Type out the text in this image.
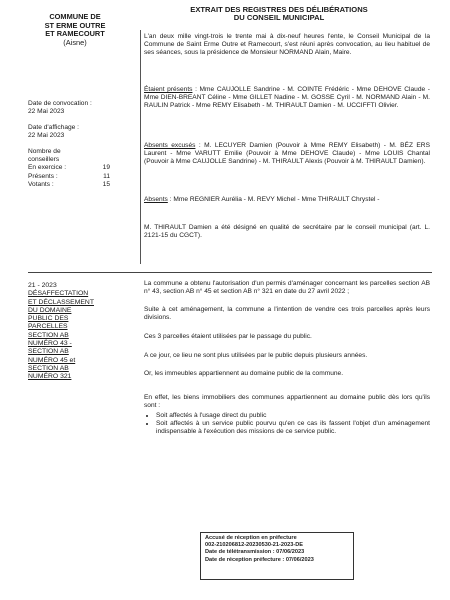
COMMUNE DE
ST ERME OUTRE
ET RAMECOURT
(Aisne)
EXTRAIT DES REGISTRES DES DÉLIBÉRATIONS
DU CONSEIL MUNICIPAL

Date de convocation :

22 Mai 2023

Date d'affichage :

22 Mai 2023

Nombre de conseillers

En exercice :	19
Présents :	11
Votants :	15
L'an deux mille vingt-trois le trente mai à dix-neuf heures l'ente, le Conseil Municipal de la Commune de Saint Erme Outre et Ramecourt, s'est réuni après convocation, au lieu habituel de ses séances, sous la présidence de Monsieur NORMAND Alain, Maire.
Étaient présents : Mme CAUJOLLE Sandrine - M. COINTE Frédéric - Mme DEHOVE Claude - Mme DIEN-BREANT Céline - Mme GILLET Nadine - M. GOSSE Cyril - M. NORMAND Alain - M. RAULIN Patrick - Mme REMY Elisabeth - M. THIRAULT Damien - M. UCCIFFTI Olivier.
Absents excusés : M. LECUYER Damien (Pouvoir à Mme REMY Elisabeth) - M. BÉZ ERS Laurent - Mme VARUTT Emilie (Pouvoir à Mme DEHOVE Claude) - Mme LOUIS Chantal (Pouvoir à Mme CAUJOLLE Sandrine) - M. THIRAULT Alexis (Pouvoir à M. THIRAULT Damien).
Absents : Mme REGNIER Aurélia - M. REVY Michel - Mme THIRAULT Chrystel -
M. THIRAULT Damien a été désigné en qualité de secrétaire par le conseil municipal (art. L. 2121-15 du CGCT).

21 - 2023

DÉSAFFECTATION
ET DÉCLASSEMENT
DU DOMAINE
PUBLIC DES
PARCELLES
SECTION AB
NUMÉRO 43 -
SECTION AB
NUMÉRO 45 et
SECTION AB
NUMÉRO 321
La commune a obtenu l'autorisation d'un permis d'aménager concernant les parcelles section AB n° 43, section AB n° 45 et section AB n° 321 en date du 27 avril 2022 ;
Suite à cet aménagement, la commune a l'intention de vendre ces trois parcelles après leurs divisions.
Ces 3 parcelles étaient utilisées par le passage du public.
A ce jour, ce lieu ne sont plus utilisées par le public depuis plusieurs années.
Or, les immeubles appartiennent au domaine public de la commune.
En effet, les biens immobiliers des communes appartiennent au domaine public dès lors qu'ils sont :
• Soit affectés à l'usage direct du public
• Soit affectés à un service public pourvu qu'en ce cas ils fassent l'objet d'un aménagement indispensable à l'exécution des missions de ce service public.
Accusé de réception en préfecture
002-210206812-20230530-21-2023-DE
Date de télétransmission : 07/06/2023
Date de réception préfecture : 07/06/2023
